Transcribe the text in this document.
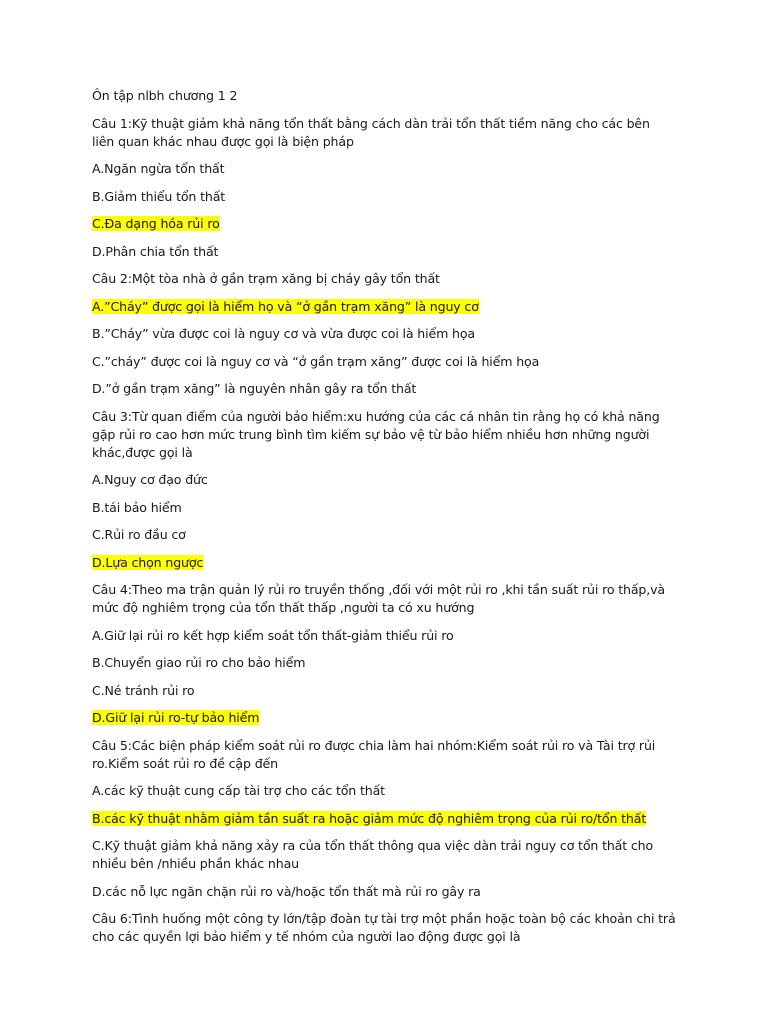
Ôn tập nlbh chương 1 2

Câu 1:Kỹ thuật giảm khả năng tổn thất bằng cách dàn trải tổn thất tiềm năng cho các bên liên quan khác nhau được gọi là biện pháp

A.Ngăn ngừa tổn thất

B.Giảm thiểu tổn thất

C.Đa dạng hóa rủi ro

D.Phân chia tổn thất

Câu 2:Một tòa nhà ở gần trạm xăng bị cháy gây tổn thất

A.”Cháy” được gọi là hiểm họ và “ở gần trạm xăng” là nguy cơ

B.”Cháy” vừa được coi là nguy cơ và vừa được coi là hiểm họa

C.”cháy” được coi là nguy cơ và “ở gần trạm xăng” được coi là hiểm họa

D.”ở gần trạm xăng” là nguyên nhân gây ra tổn thất

Câu 3:Từ quan điểm của người bảo hiểm:xu hướng của các cá nhân tin rằng họ có khả năng gặp rủi ro cao hơn mức trung bình tìm kiếm sự bảo vệ từ bảo hiểm nhiều hơn những người khác,được gọi là

A.Nguy cơ đạo đức

B.tái bảo hiểm

C.Rủi ro đầu cơ

D.Lựa chọn ngược

Câu 4:Theo ma trận quản lý rủi ro truyền thống ,đối với một rủi ro ,khi tần suất rủi ro thấp,và mức độ nghiêm trọng của tổn thất thấp ,người ta có xu hướng

A.Giữ lại rủi ro kết hợp kiểm soát tổn thất-giảm thiểu rủi ro

B.Chuyển giao rủi ro cho bảo hiểm

C.Né tránh rủi ro

D.Giữ lại rủi ro-tự bảo hiểm

Câu 5:Các biện pháp kiểm soát rủi ro được chia làm hai nhóm:Kiểm soát rủi ro và Tài trợ rủi ro.Kiểm soát rủi ro đề cập đến

A.các kỹ thuật cung cấp tài trợ cho các tổn thất

B.các kỹ thuật nhằm giảm tần suất ra hoặc giảm mức độ nghiêm trọng của rủi ro/tổn thất

C.Kỹ thuật giảm khả năng xảy ra của tổn thất thông qua việc dàn trải nguy cơ tổn thất cho nhiều bên /nhiều phần khác nhau

D.các nỗ lực ngăn chặn rủi ro và/hoặc tổn thất mà rủi ro gây ra

Câu 6:Tình huống một công ty lớn/tập đoàn tự tài trợ một phần hoặc toàn bộ các khoản chi trả cho các quyền lợi bảo hiểm y tế nhóm của người lao động được gọi là
